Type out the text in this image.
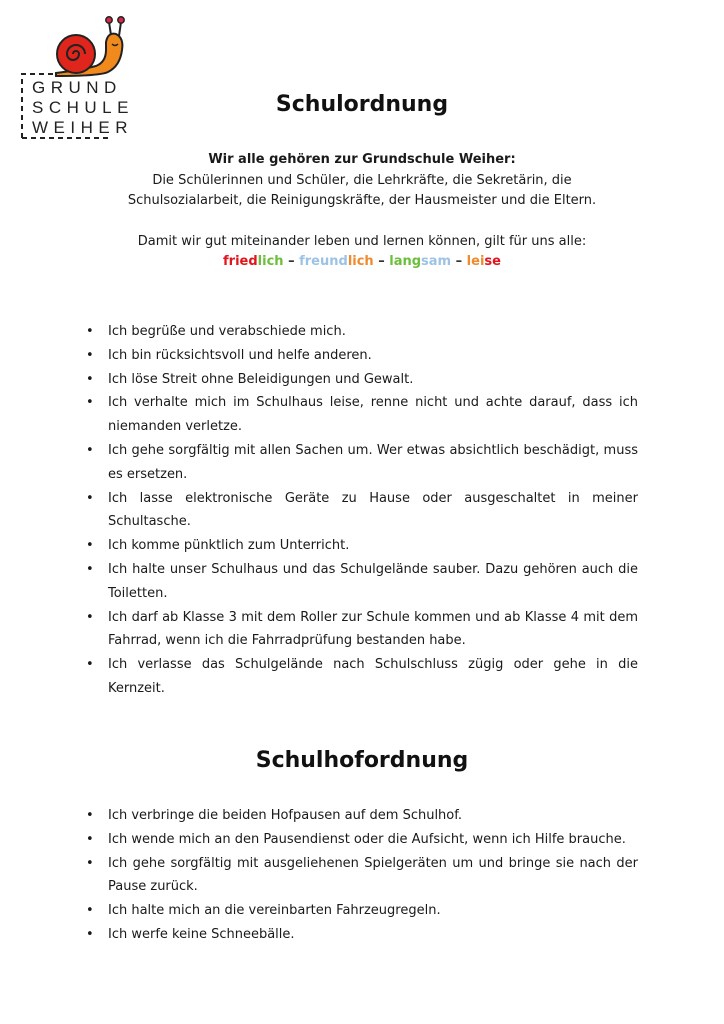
GRUND
SCHULE
WEIHER
Schulordnung
Wir alle gehören zur Grundschule Weiher:
Die Schülerinnen und Schüler, die Lehrkräfte, die Sekretärin, die
Schulsozialarbeit, die Reinigungskräfte, der Hausmeister und die Eltern.
Damit wir gut miteinander leben und lernen können, gilt für uns alle:
friedlich – freundlich – langsam – leise
• Ich begrüße und verabschiede mich.
• Ich bin rücksichtsvoll und helfe anderen.
• Ich löse Streit ohne Beleidigungen und Gewalt.
• Ich verhalte mich im Schulhaus leise, renne nicht und achte darauf, dass ich niemanden verletze.
• Ich gehe sorgfältig mit allen Sachen um. Wer etwas absichtlich beschädigt, muss es ersetzen.
• Ich lasse elektronische Geräte zu Hause oder ausgeschaltet in meiner Schultasche.
• Ich komme pünktlich zum Unterricht.
• Ich halte unser Schulhaus und das Schulgelände sauber. Dazu gehören auch die Toiletten.
• Ich darf ab Klasse 3 mit dem Roller zur Schule kommen und ab Klasse 4 mit dem Fahrrad, wenn ich die Fahrradprüfung bestanden habe.
• Ich verlasse das Schulgelände nach Schulschluss zügig oder gehe in die Kernzeit.
Schulhofordnung
• Ich verbringe die beiden Hofpausen auf dem Schulhof.
• Ich wende mich an den Pausendienst oder die Aufsicht, wenn ich Hilfe brauche.
• Ich gehe sorgfältig mit ausgeliehenen Spielgeräten um und bringe sie nach der Pause zurück.
• Ich halte mich an die vereinbarten Fahrzeugregeln.
• Ich werfe keine Schneebälle.
